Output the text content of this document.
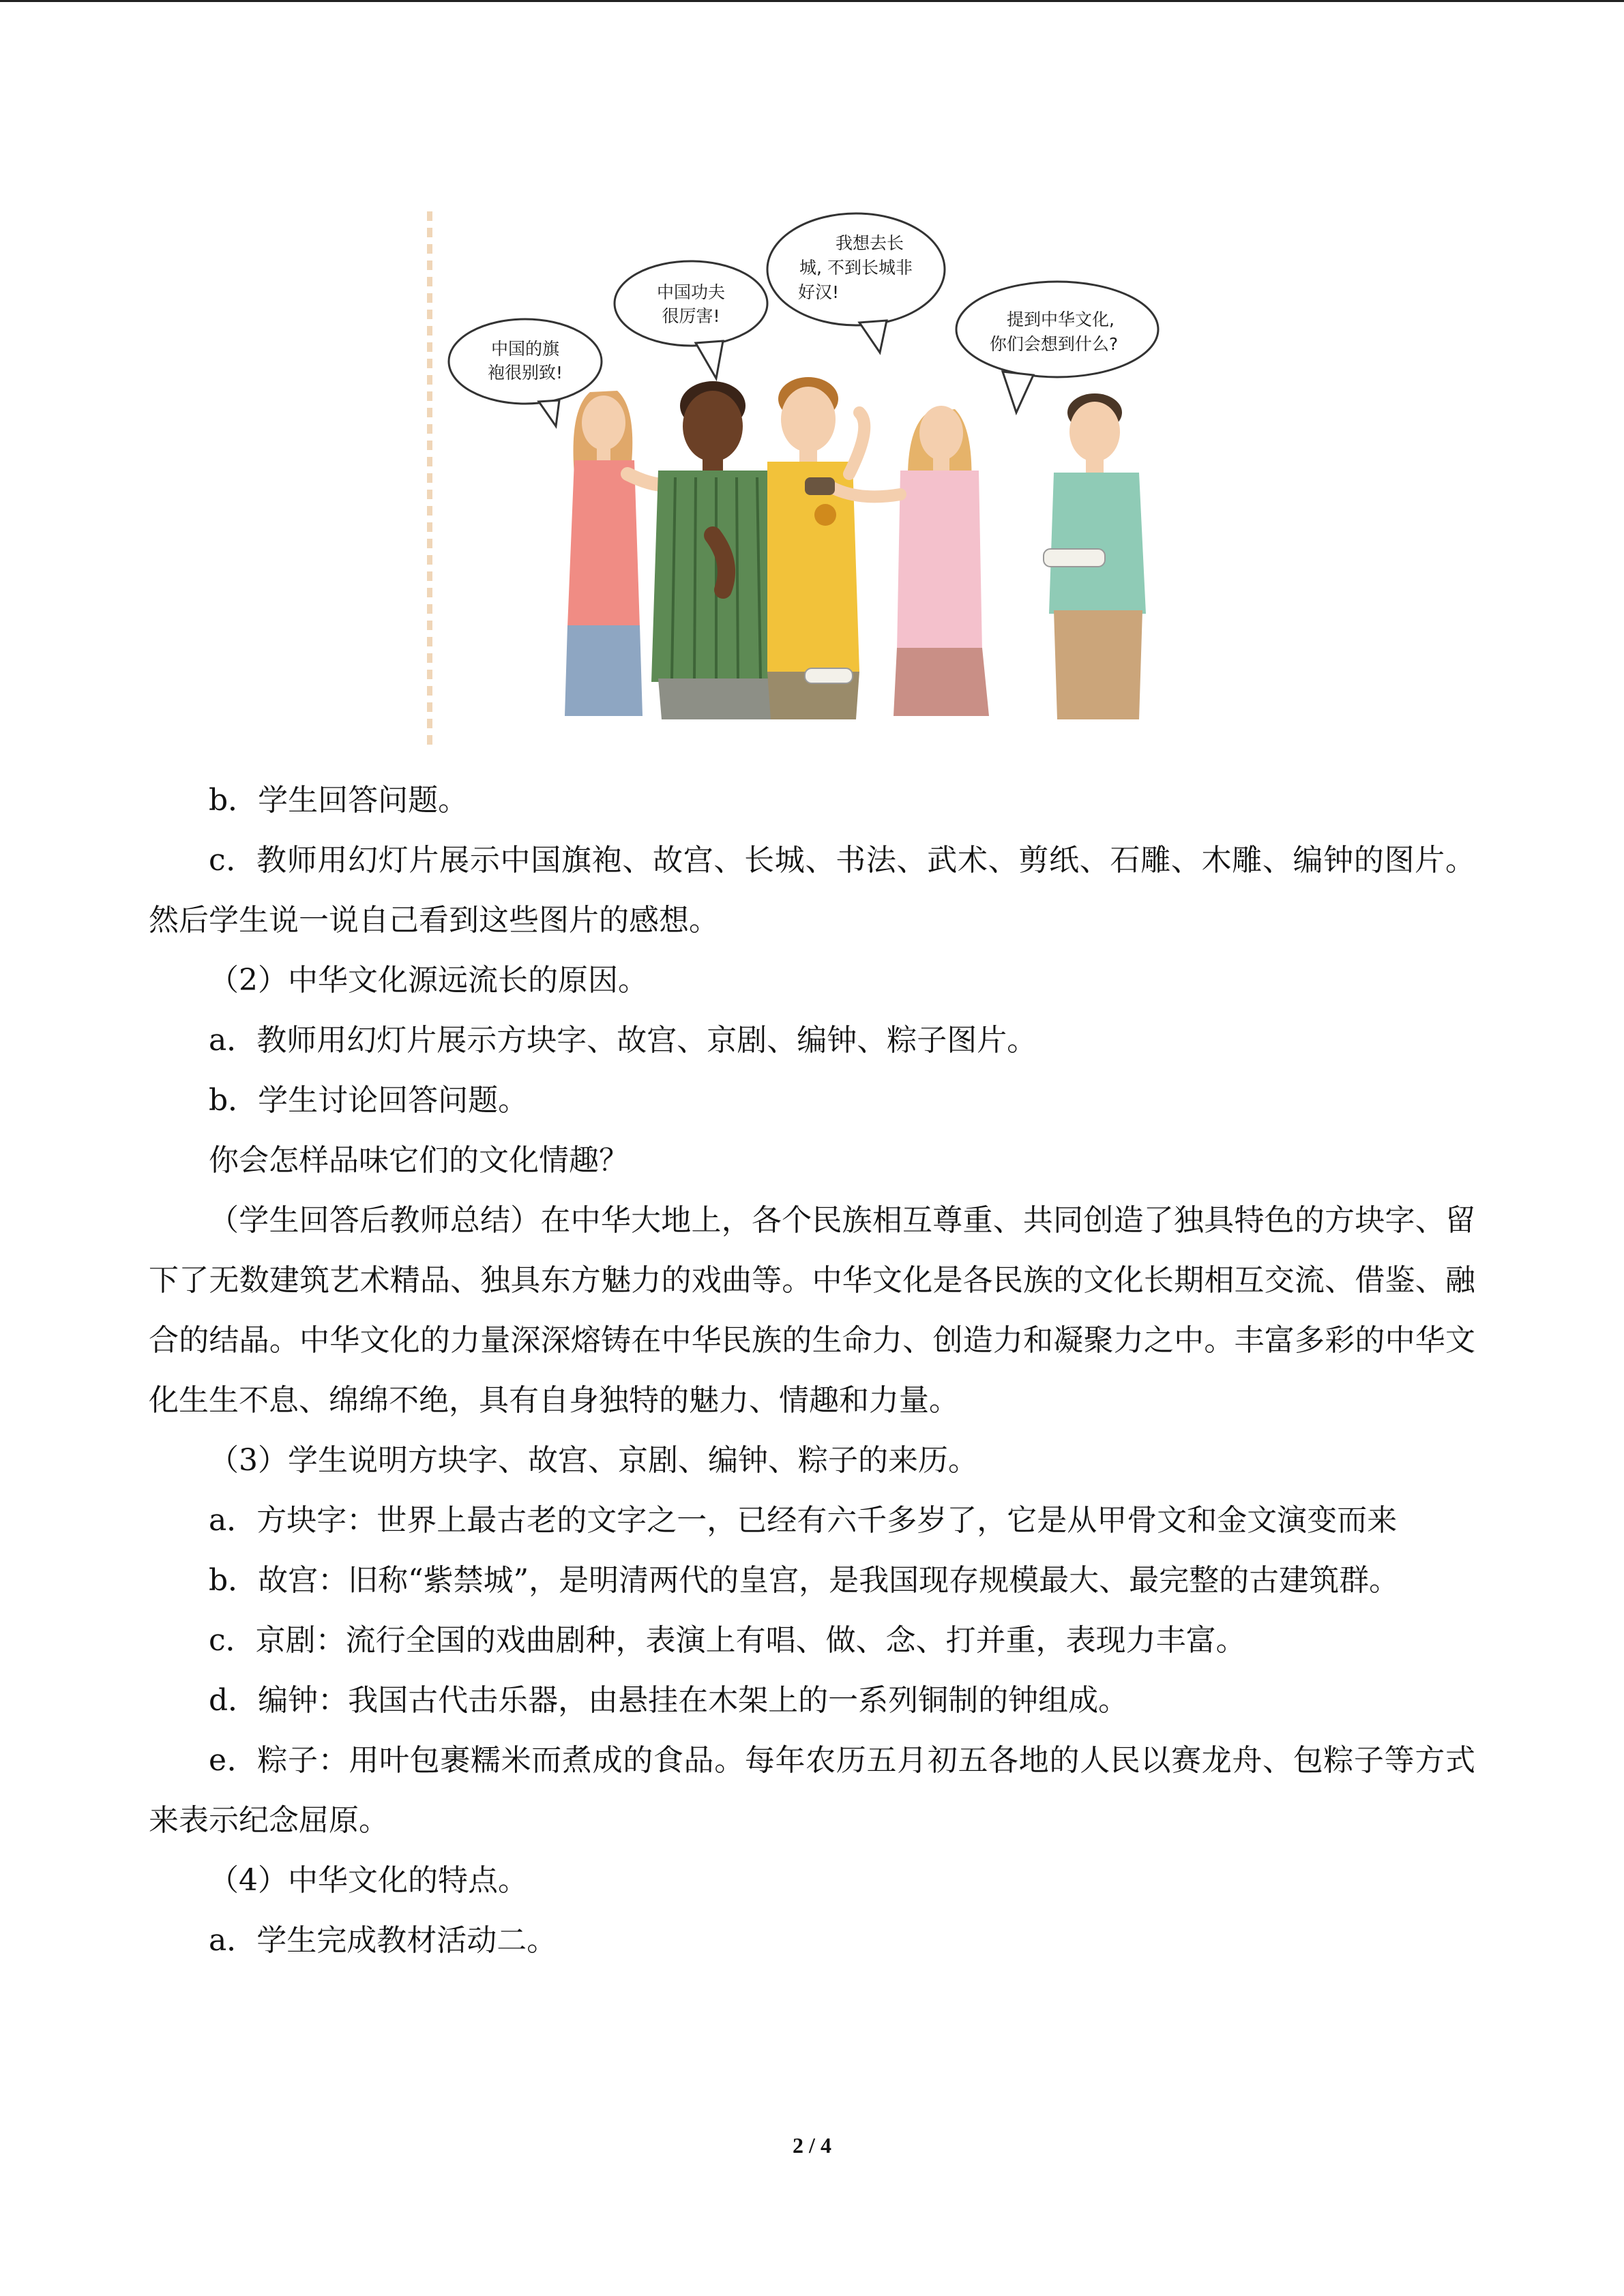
中国的旗
袍很别致!
中国功夫
很厉害!
我想去长
城, 不到长城非
好汉!
提到中华文化,
你们会想到什么?

b．学生回答问题。

c．教师用幻灯片展示中国旗袍、故宫、长城、书法、武术、剪纸、石雕、木雕、编钟的图片。然后学生说一说自己看到这些图片的感想。

（2）中华文化源远流长的原因。

a．教师用幻灯片展示方块字、故宫、京剧、编钟、粽子图片。

b．学生讨论回答问题。

你会怎样品味它们的文化情趣？

（学生回答后教师总结）在中华大地上，各个民族相互尊重、共同创造了独具特色的方块字、留下了无数建筑艺术精品、独具东方魅力的戏曲等。中华文化是各民族的文化长期相互交流、借鉴、融合的结晶。中华文化的力量深深熔铸在中华民族的生命力、创造力和凝聚力之中。丰富多彩的中华文化生生不息、绵绵不绝，具有自身独特的魅力、情趣和力量。

（3）学生说明方块字、故宫、京剧、编钟、粽子的来历。

a．方块字：世界上最古老的文字之一，已经有六千多岁了，它是从甲骨文和金文演变而来

b．故宫：旧称“紫禁城”，是明清两代的皇宫，是我国现存规模最大、最完整的古建筑群。

c．京剧：流行全国的戏曲剧种，表演上有唱、做、念、打并重，表现力丰富。

d．编钟：我国古代击乐器，由悬挂在木架上的一系列铜制的钟组成。

e．粽子：用叶包裹糯米而煮成的食品。每年农历五月初五各地的人民以赛龙舟、包粽子等方式来表示纪念屈原。

（4）中华文化的特点。

a．学生完成教材活动二。

2 / 4
